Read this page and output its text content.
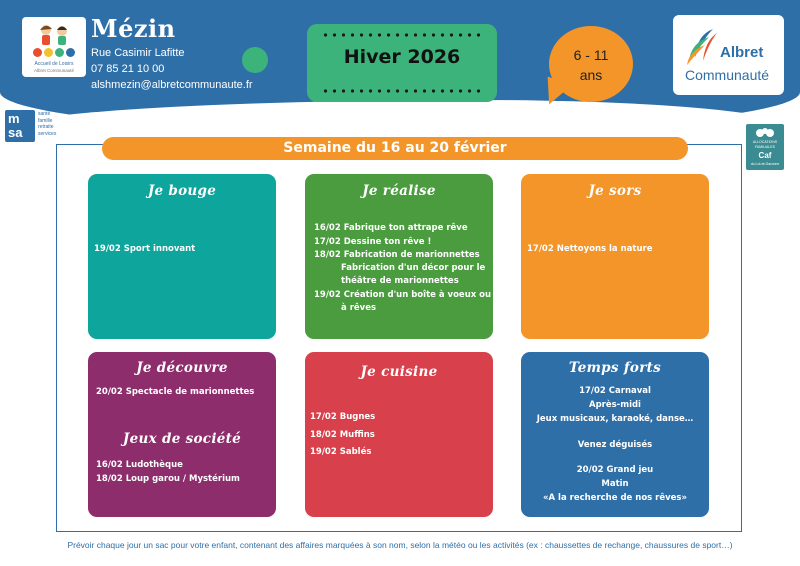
Accueil de Loisirs
Albret Communauté
Mézin
Rue Casimir Lafitte
07 85 21 10 00
alshmezin@albretcommunaute.fr
Hiver 2026	6 - 11
ans
Albret
Communauté
m
sa
santé
famille
retraite
services
ALLOCATIONS
FAMILIALES
Caf
du Lot-et-Garonne
Semaine du 16 au 20 février
Je bouge
19/02 Sport innovant
Je réalise
16/02 Fabrique ton attrape rêve
17/02 Dessine ton rêve !
18/02 Fabrication de marionnettes
Fabrication d'un décor pour le
théâtre de marionnettes
19/02 Création d'un boîte à voeux ou
à rêves
Je sors
17/02 Nettoyons la nature
Je découvre
20/02 Spectacle de marionnettes
Jeux de société
16/02 Ludothèque
18/02 Loup garou / Mystérium
Je cuisine
17/02 Bugnes
18/02 Muffins
19/02 Sablés
Temps forts
17/02 Carnaval
Après-midi
Jeux musicaux, karaoké, danse…
Venez déguisés
20/02 Grand jeu
Matin
«A la recherche de nos rêves»
Prévoir chaque jour un sac pour votre enfant, contenant des affaires marquées à son nom, selon la météo ou les activités (ex : chaussettes de rechange, chaussures de sport…)
